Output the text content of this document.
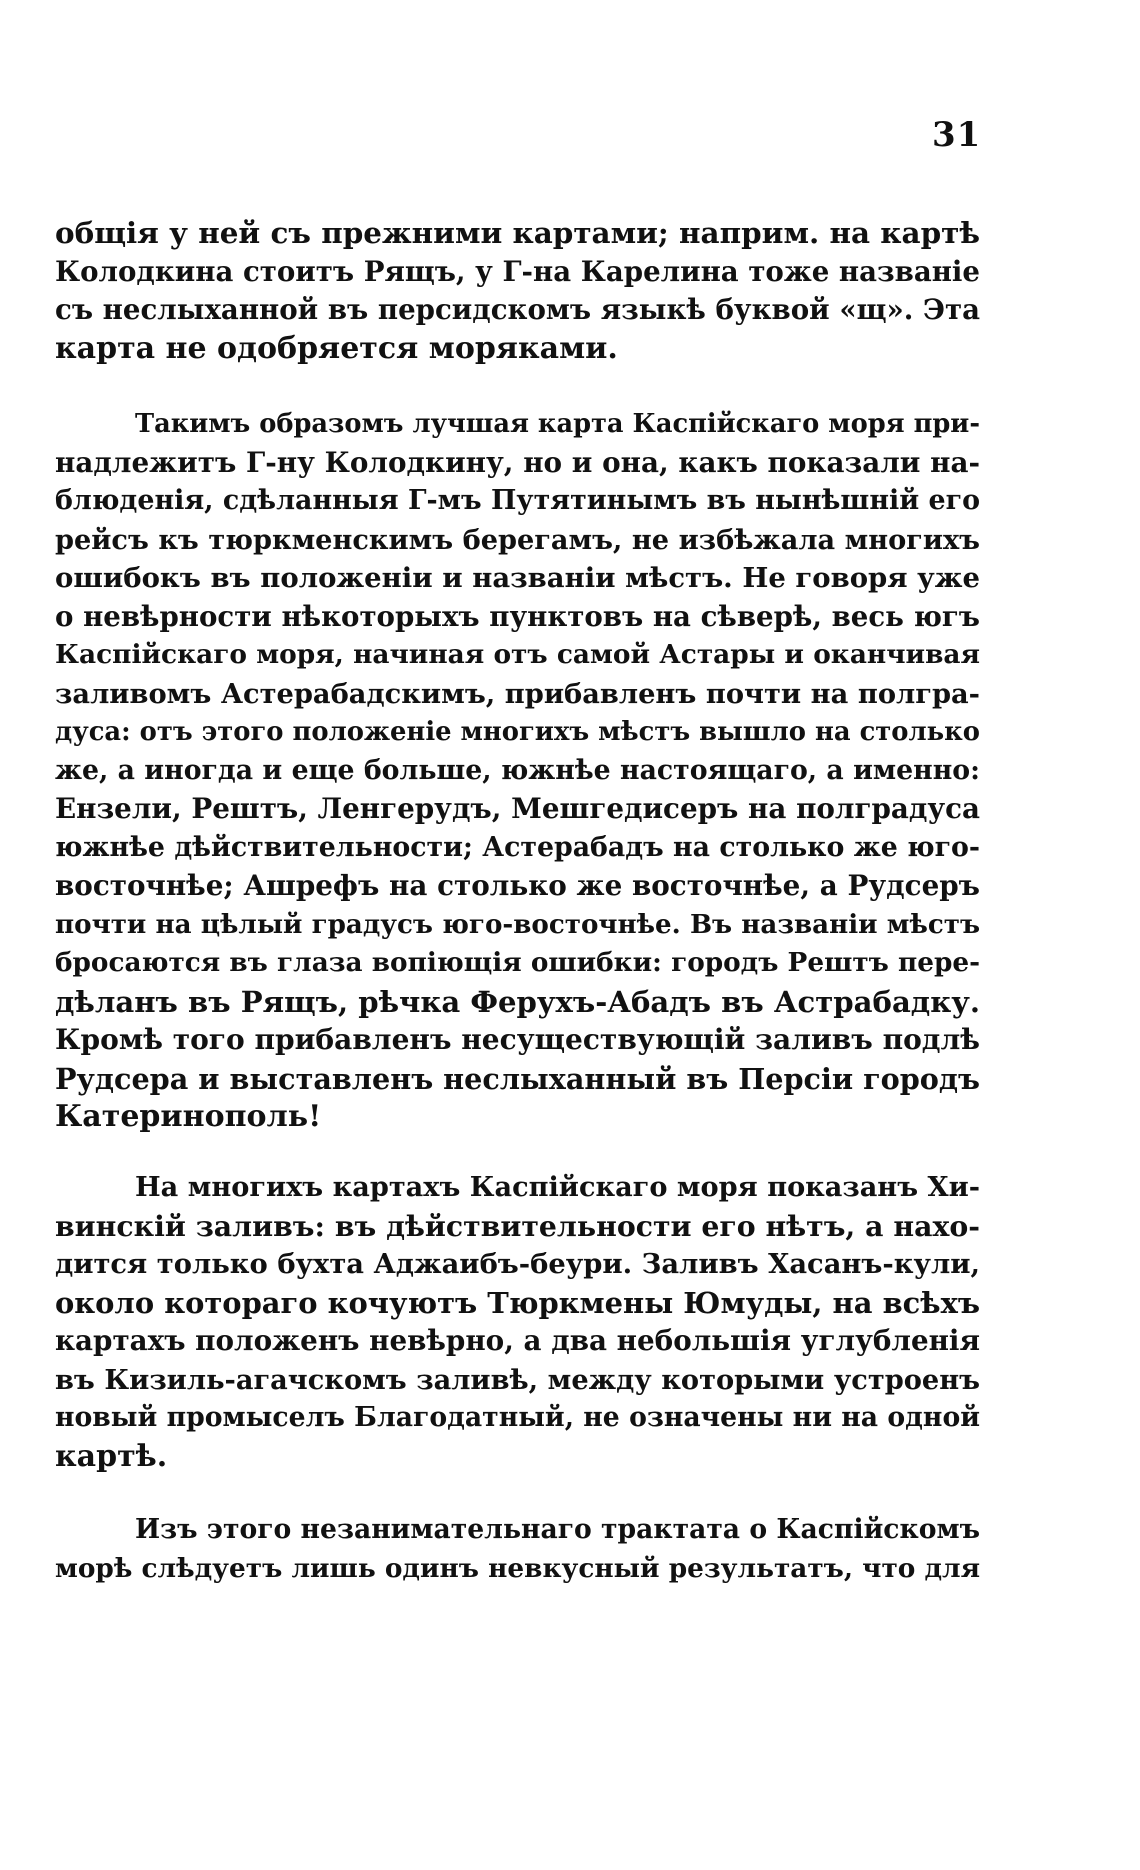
31
общія у ней съ прежними картами; наприм. на картѣ
Колодкина стоитъ Рящъ, у Г-на Карелина тоже названіе
съ неслыханной въ персидскомъ языкѣ буквой «щ». Эта
карта не одобряется моряками.
Такимъ образомъ лучшая карта Каспійскаго моря при-
надлежитъ Г-ну Колодкину, но и она, какъ показали на-
блюденія, сдѣланныя Г-мъ Путятинымъ въ нынѣшній его
рейсъ къ тюркменскимъ берегамъ, не избѣжала многихъ
ошибокъ въ положеніи и названіи мѣстъ. Не говоря уже
о невѣрности нѣкоторыхъ пунктовъ на сѣверѣ, весь югъ
Каспійскаго моря, начиная отъ самой Астары и оканчивая
заливомъ Астерабадскимъ, прибавленъ почти на полгра-
дуса: отъ этого положеніе многихъ мѣстъ вышло на столько
же, а иногда и еще больше, южнѣе настоящаго, а именно:
Ензели, Рештъ, Ленгерудъ, Мешгедисеръ на полградуса
южнѣе дѣйствительности; Астерабадъ на столько же юго-
восточнѣе; Ашрефъ на столько же восточнѣе, а Рудсеръ
почти на цѣлый градусъ юго-восточнѣе. Въ названіи мѣстъ
бросаются въ глаза вопіющія ошибки: городъ Рештъ пере-
дѣланъ въ Рящъ, рѣчка Ферухъ-Абадъ въ Астрабадку.
Кромѣ того прибавленъ несуществующій заливъ подлѣ
Рудсера и выставленъ неслыханный въ Персіи городъ
Катеринополь!
На многихъ картахъ Каспійскаго моря показанъ Хи-
винскій заливъ: въ дѣйствительности его нѣтъ, а нахо-
дится только бухта Аджаибъ-беури. Заливъ Хасанъ-кули,
около котораго кочуютъ Тюркмены Юмуды, на всѣхъ
картахъ положенъ невѣрно, а два небольшія углубленія
въ Кизиль-агачскомъ заливѣ, между которыми устроенъ
новый промыселъ Благодатный, не означены ни на одной
картѣ.
Изъ этого незанимательнаго трактата о Каспійскомъ
морѣ слѣдуетъ лишь одинъ невкусный результатъ, что для
